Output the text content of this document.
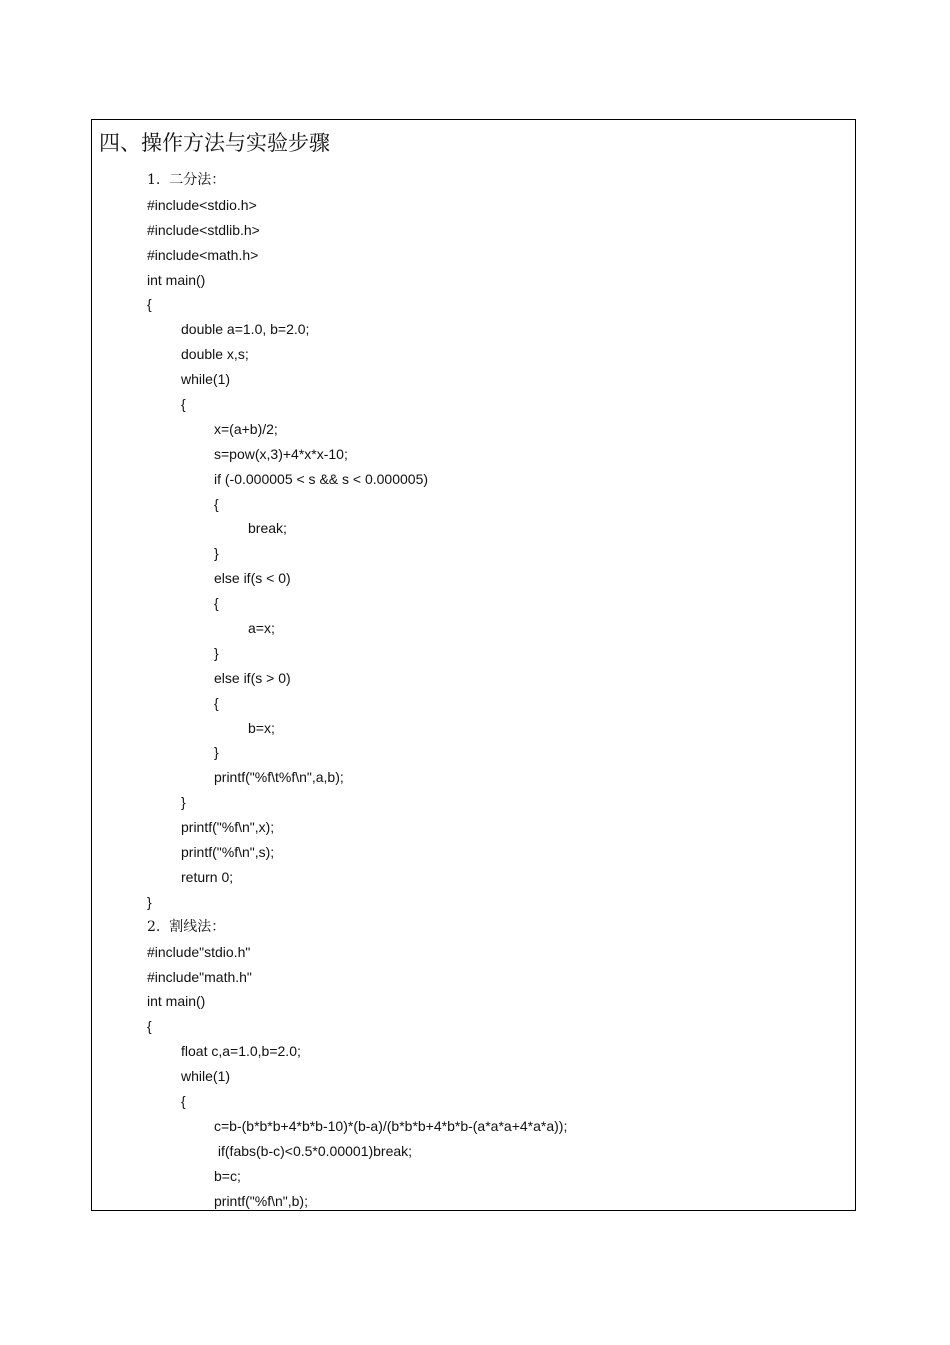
四、操作方法与实验步骤
1.  二分法：
#include<stdio.h>
#include<stdlib.h>
#include<math.h>
int main()
{
double a=1.0, b=2.0;
double x,s;
while(1)
{
x=(a+b)/2;
s=pow(x,3)+4*x*x-10;
if (-0.000005 < s && s < 0.000005)
{
break;
}
else if(s < 0)
{
a=x;
}
else if(s > 0)
{
b=x;
}
printf("%f\t%f\n",a,b);
}
printf("%f\n",x);
printf("%f\n",s);
return 0;
}
2.  割线法：
#include"stdio.h"
#include"math.h"
int main()
{
float c,a=1.0,b=2.0;
while(1)
{
c=b-(b*b*b+4*b*b-10)*(b-a)/(b*b*b+4*b*b-(a*a*a+4*a*a));
if(fabs(b-c)<0.5*0.00001)break;
b=c;
printf("%f\n",b);
